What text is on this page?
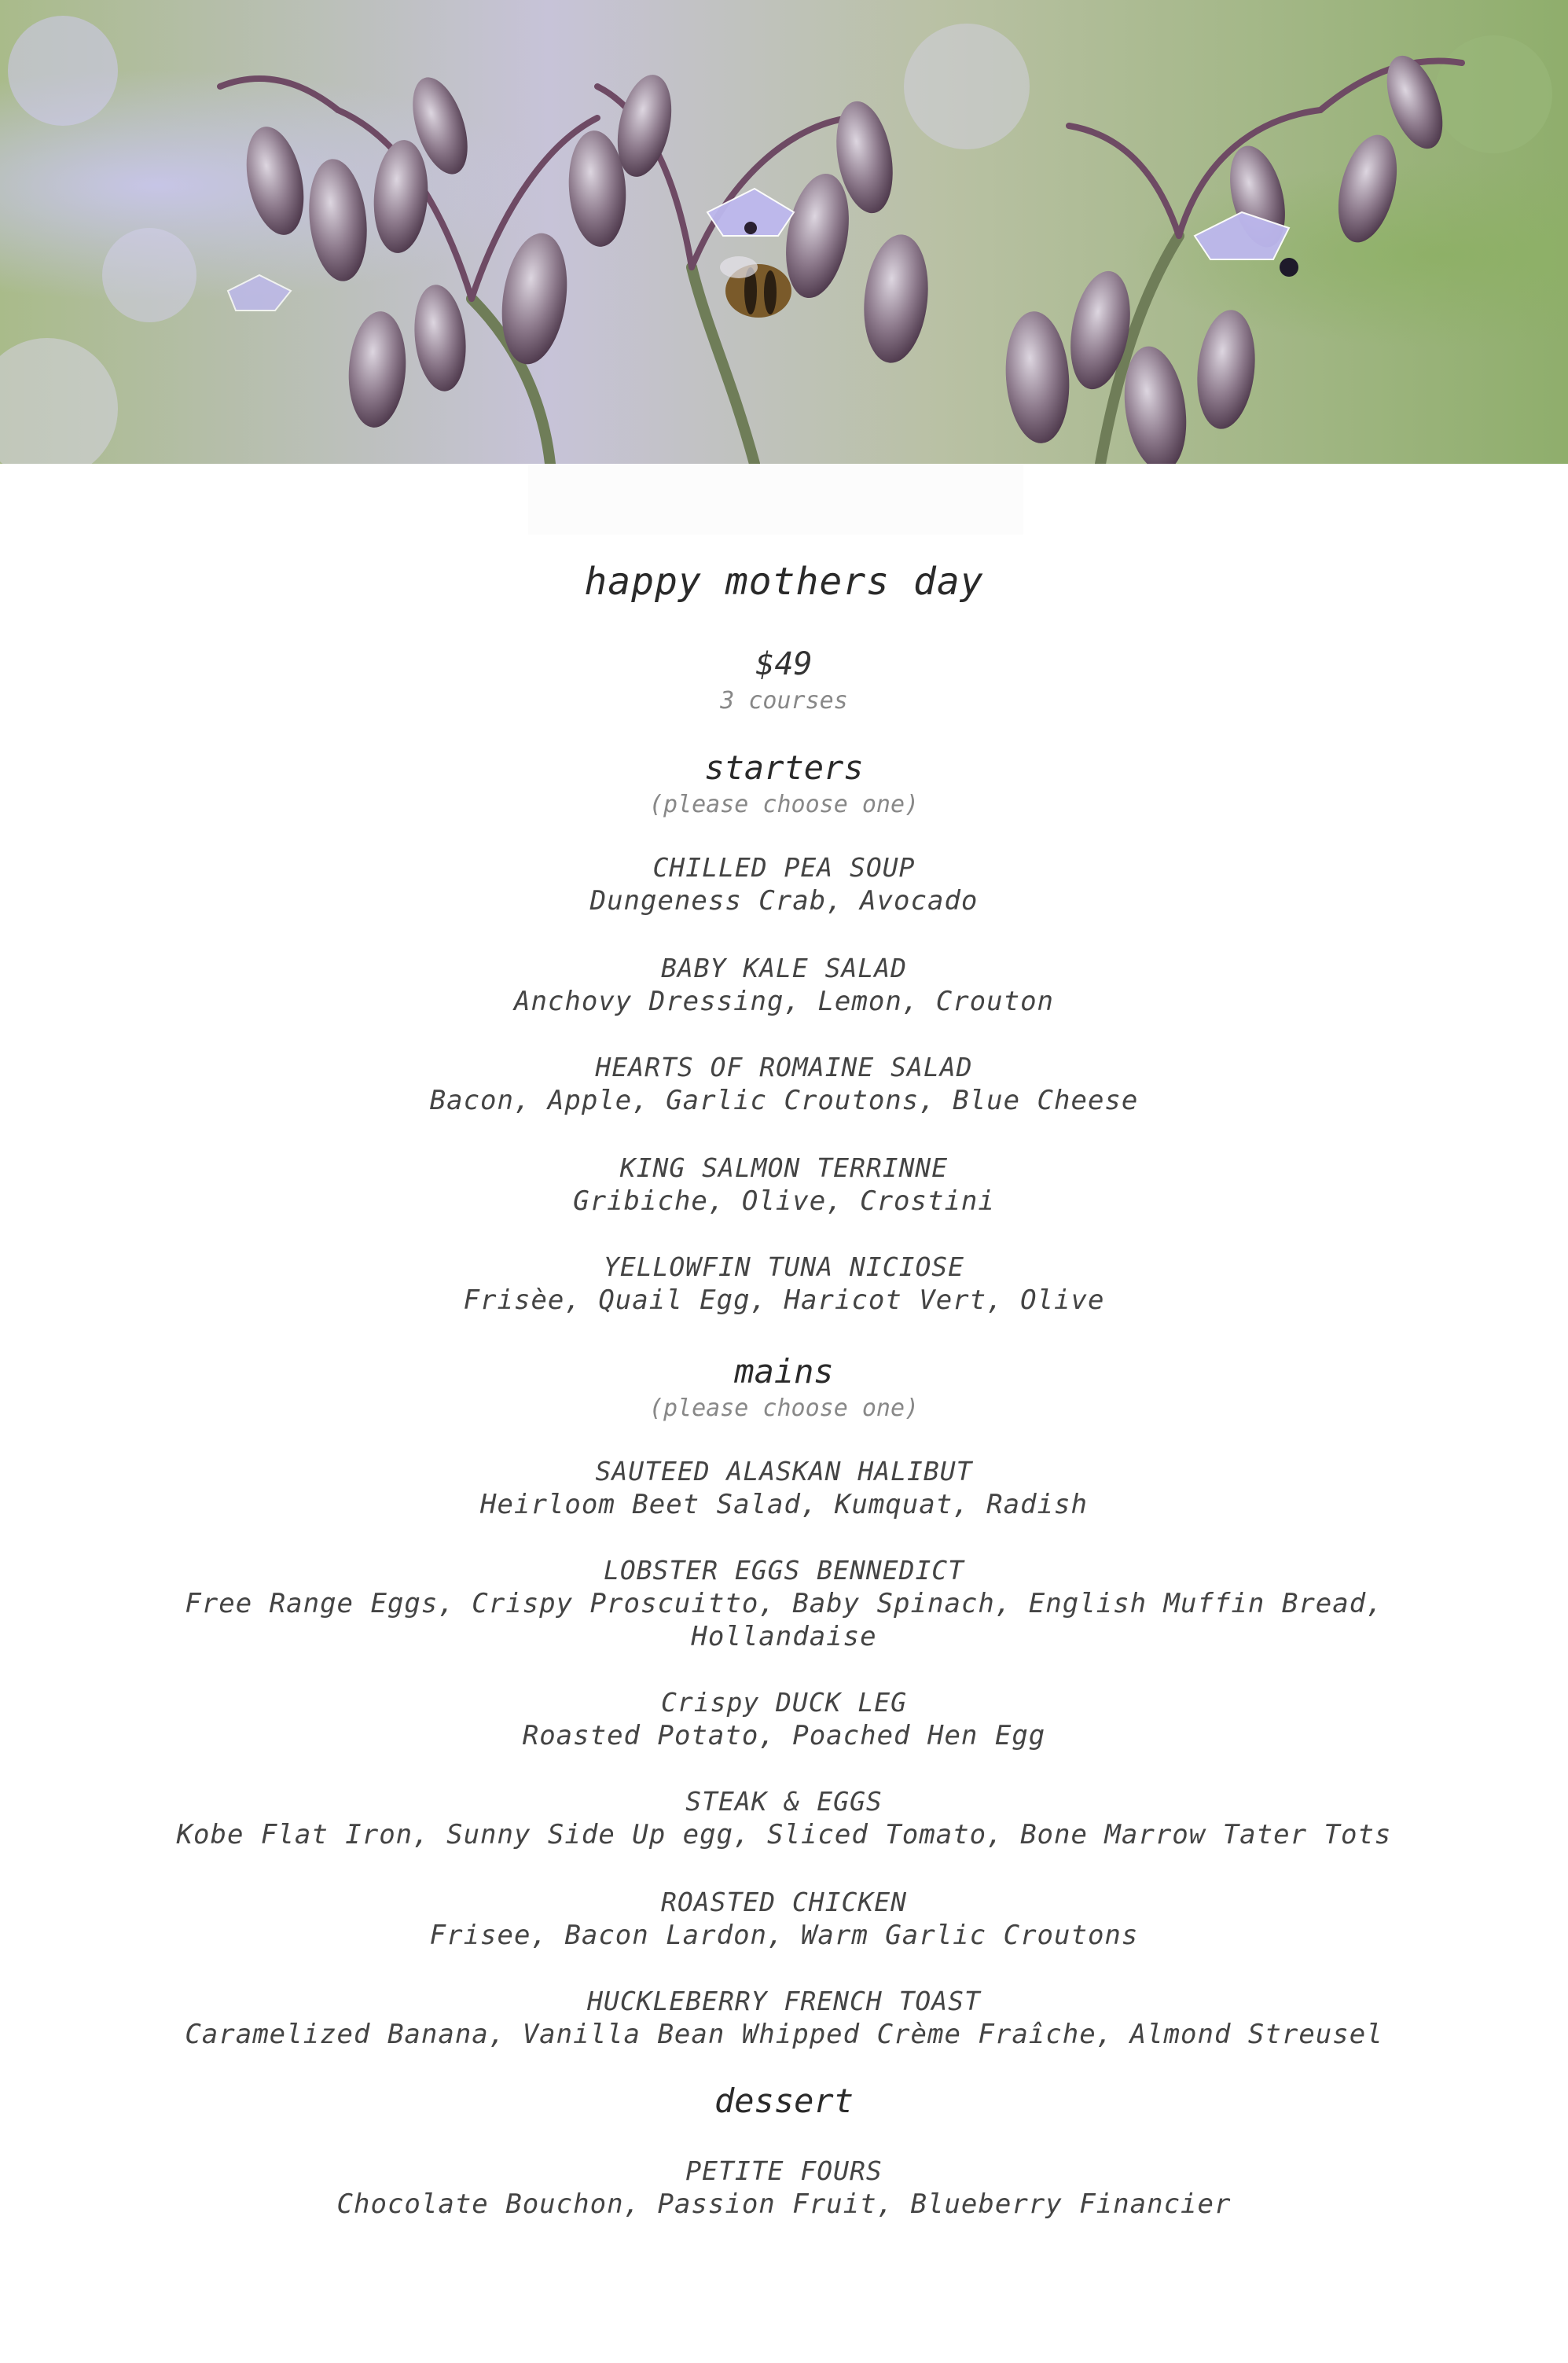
happy mothers day
$49
3 courses
starters
(please choose one)
CHILLED PEA SOUP
Dungeness Crab, Avocado
BABY KALE SALAD
Anchovy Dressing, Lemon, Crouton
HEARTS OF ROMAINE SALAD
Bacon, Apple, Garlic Croutons, Blue Cheese
KING SALMON TERRINNE
Gribiche, Olive, Crostini
YELLOWFIN TUNA NICIOSE
Frisèe, Quail Egg, Haricot Vert, Olive
mains
(please choose one)
SAUTEED ALASKAN HALIBUT
Heirloom Beet Salad, Kumquat, Radish
LOBSTER EGGS BENNEDICT
Free Range Eggs, Crispy Proscuitto, Baby Spinach, English Muffin Bread,
Hollandaise
Crispy DUCK LEG
Roasted Potato, Poached Hen Egg
STEAK & EGGS
Kobe Flat Iron, Sunny Side Up egg, Sliced Tomato, Bone Marrow Tater Tots
ROASTED CHICKEN
Frisee, Bacon Lardon, Warm Garlic Croutons
HUCKLEBERRY FRENCH TOAST
Caramelized Banana, Vanilla Bean Whipped Crème Fraîche, Almond Streusel
dessert
PETITE FOURS
Chocolate Bouchon, Passion Fruit, Blueberry Financier
